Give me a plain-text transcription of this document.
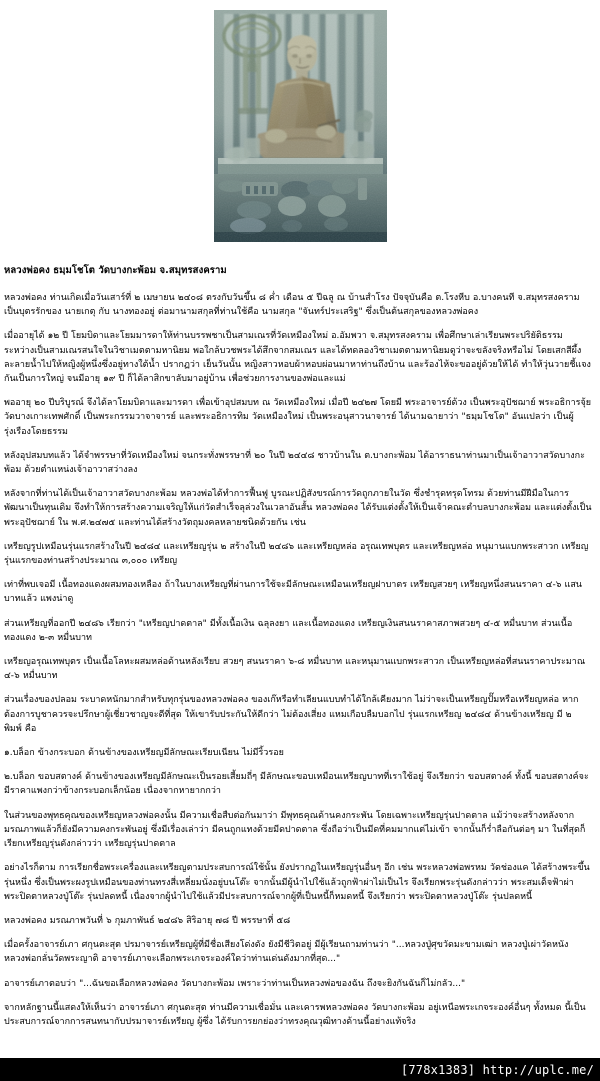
หลวงพ่อคง ธมฺมโชโต วัดบางกะพ้อม จ.สมุทรสงคราม

หลวงพ่อคง ท่านเกิดเมื่อวันเสาร์ที่ ๒ เมษายน ๒๔๐๘ ตรงกับวันขึ้น ๘ ค่ำ เดือน ๕ ปีฉลู ณ บ้านสำโรง ปัจจุบันคือ ต.โรงหีบ อ.บางคนที จ.สมุทรสงคราม เป็นบุตรรักของ นายเกตุ กับ นางทองอยู่ ต่อมานามสกุลที่ท่านใช้คือ นามสกุล "จันทร์ประเสริฐ" ซึ่งเป็นต้นสกุลของหลวงพ่อคง

เมื่ออายุได้ ๑๒ ปี โยมบิดาและโยมมารดาให้ท่านบรรพชาเป็นสามเณรที่วัดเหมืองใหม่ อ.อัมพวา จ.สมุทรสงคราม เพื่อศึกษาเล่าเรียนพระปริยัติธรรม ระหว่างเป็นสามเณรสนใจในวิชาเมตตามหานิยม พอใกล้บวชพระได้สึกจากสมเณร และได้ทดลองวิชาเมตตามหานิยมดูว่าจะขลังจริงหรือไม่ โดยเสกสีผึ้งละลายน้ำไปให้หญิงผู้หนึ่งซึ่งอยู่ทางใต้น้ำ ปรากฏว่า เย็นวันนั้น หญิงสาวหอบผ้าหอบผ่อนมาหาท่านถึงบ้าน และร้องไห้จะขออยู่ด้วยให้ได้ ทำให้วุ่นวายชี้แจงกันเป็นการใหญ่ จนมีอายุ ๑๙ ปี ก็ได้ลาสิกขาลับมาอยู่บ้าน เพื่อช่วยการงานของพ่อและแม่

พออายุ ๒๐ ปีบริบูรณ์ จึงได้ลาโยมบิดาและมารดา เพื่อเข้าอุปสมบท ณ วัดเหมืองใหม่ เมื่อปี ๒๔๒๗ โดยมี พระอาจารย์ด้วง เป็นพระอุปัชฌาย์ พระอธิการจุ้ย วัดบางเกาะเทพศักดิ์ เป็นพระกรรมวาจาจารย์ และพระอธิการทิม วัดเหมืองใหม่ เป็นพระอนุสาวนาจารย์ ได้นามฉายาว่า "ธมฺมโชโต" อันแปลว่า เป็นผู้รุ่งเรืองโดยธรรม

หลังอุปสมบทแล้ว ได้จำพรรษาที่วัดเหมืองใหม่ จนกระทั่งพรรษาที่ ๒๐ ในปี ๒๔๔๘ ชาวบ้านใน ต.บางกะพ้อม ได้อาราธนาท่านมาเป็นเจ้าอาวาสวัดบางกะพ้อม ด้วยตำแหน่งเจ้าอาวาสว่างลง

หลังจากที่ท่านได้เป็นเจ้าอาวาสวัดบางกะพ้อม หลวงพ่อได้ทำการฟื้นฟู บูรณะปฏิสังขรณ์การวัดถูกภายในวัด ซึ่งชำรุดทรุดโทรม ด้วยท่านมีฝีมือในการพัฒนาเป็นทุนเดิม จึงทำให้การสร้างความเจริญให้แก่วัดสำเร็จลุล่วงในเวลาอันสั้น หลวงพ่อคง ได้รับแต่งตั้งให้เป็นเจ้าคณะตำบลบางกะพ้อม และแต่งตั้งเป็น พระอุปัชฌาย์ ใน พ.ศ.๒๔๗๕ และท่านได้สร้างวัตถุมงคลหลายชนิดด้วยกัน เช่น

เหรียญรูปเหมือนรุ่นแรกสร้างในปี ๒๔๘๔ และเหรียญรุ่น ๒ สร้างในปี ๒๔๘๖ และเหรียญหล่อ อรุณเทพบุตร และเหรียญหล่อ หนุมานแบกพระสาวก เหรียญรุ่นแรกของท่านสร้างประมาณ ๓,๐๐๐ เหรียญ

เท่าที่พบเจอมี เนื้อทองแดงผสมทองเหลือง ถ้าในบางเหรียญที่ผ่านการใช้จะมีลักษณะเหมือนเหรียญฝาบาตร เหรียญสวยๆ เหรียญหนึ่งสนนราคา ๔-๖ แสนบาทแล้ว แพงน่าดู

ส่วนเหรียญที่ออกปี ๒๔๘๖ เรียกว่า "เหรียญปาดตาล" มีทั้งเนื้อเงิน ฉลุลงยา และเนื้อทองแดง เหรียญเงินสนนราคาสภาพสวยๆ ๔-๕ หมื่นบาท ส่วนเนื้อทองแดง ๒-๓ หมื่นบาท

เหรียญอรุณเทพบุตร เป็นเนื้อโลหะผสมหล่อด้านหลังเรียบ สวยๆ สนนราคา ๖-๘ หมื่นบาท และหนุมานแบกพระสาวก เป็นเหรียญหล่อที่สนนราคาประมาณ ๔-๖ หมื่นบาท

ส่วนเรื่องของปลอม ระบาดหนักมากสำหรับทุกรุ่นของหลวงพ่อคง ของเก๊หรือทำเลียนแบบทำได้ใกล้เคียงมาก ไม่ว่าจะเป็นเหรียญปั๊มหรือเหรียญหล่อ หากต้องการบูชาควรจะปรึกษาผู้เชี่ยวชาญจะดีที่สุด ให้เขารับประกันให้ดีกว่า ไม่ต้องเสี่ยง แหมเกือบลืมบอกไป รุ่นแรกเหรียญ ๒๔๘๔ ด้านข้างเหรียญ มี ๒ พิมพ์ คือ

๑.บล็อก ข้างกระบอก ด้านข้างของเหรียญมีลักษณะเรียบเนียน ไม่มีริ้วรอย

๒.บล็อก ขอบสตางค์ ด้านข้างของเหรียญมีลักษณะเป็นรอยเสี้ยมถี่ๆ มีลักษณะขอบเหมือนเหรียญบาทที่เราใช้อยู่ จึงเรียกว่า ขอบสตางค์ ทั้งนี้ ขอบสตางค์จะมีราคาแพงกว่าข้างกระบอกเล็กน้อย เนื่องจากหายากกว่า

ในส่วนของพุทธคุณของเหรียญหลวงพ่อคงนั้น มีความเชื่อสืบต่อกันมาว่า มีพุทธคุณด้านคงกระพัน โดยเฉพาะเหรียญรุ่นปาดตาล แม้ว่าจะสร้างหลังจากมรณภาพแล้วก็ยังมีความคงกระพันอยู่ ซึ่งมีเรื่องเล่าว่า มีคนถูกแทงด้วยมีดปาดตาล ซึ่งถือว่าเป็นมีดที่คมมากแต่ไม่เข้า จากนั้นก็ร่ำลือกันต่อๆ มา ในที่สุดก็เรียกเหรียญรุ่นดังกล่าวว่า เหรียญรุ่นปาดตาล

อย่างไรก็ตาม การเรียกชื่อพระเครื่องและเหรียญตามประสบการณ์ใช้นั้น ยังปรากฏในเหรียญรุ่นอื่นๆ อีก เช่น พระหลวงพ่อพรหม วัดช่องแค ได้สร้างพระขึ้นรุ่นหนึ่ง ซึ่งเป็นพระผงรูปเหมือนของท่านทรงสี่เหลี่ยมนั่งอยู่บนโต๊ะ จากนั้นมีผู้นำไปใช้แล้วถูกฟ้าผ่าไม่เป็นไร จึงเรียกพระรุ่นดังกล่าวว่า พระสมเด็จฟ้าผ่า พระปิดตาหลวงปู่โต๊ะ รุ่นปลดหนี้ เนื่องจากผู้นำไปใช้แล้วมีประสบการณ์จากผู้ที่เป็นหนี้ก็หมดหนี้ จึงเรียกว่า พระปิดตาหลวงปู่โต๊ะ รุ่นปลดหนี้

หลวงพ่อคง มรณภาพวันที่ ๖ กุมภาพันธ์ ๒๔๘๖ สิริอายุ ๗๘ ปี พรรษาที่ ๕๘

เมื่อครั้งอาจารย์เภา ศกุนตะสุต ปรมาจารย์เหรียญผู้ที่มีชื่อเสียงโด่งดัง ยังมีชีวิตอยู่ มีผู้เรียนถามท่านว่า "...หลวงปู่ศุขวัดมะขามเฒ่า หลวงปู่เผ่าวัดหนัง หลวงพ่อกลั่นวัดพระญาติ อาจารย์เภาจะเลือกพระเกจระองค์ใดว่าท่านเด่นดังมากที่สุด..."

อาจารย์เภาตอบว่า "...ฉันขอเลือกหลวงพ่อคง วัดบางกะพ้อม เพราะว่าท่านเป็นหลวงพ่อของฉัน ถึงจะยิงกันฉันก็ไม่กลัว..."

จากหลักฐานนี้แสดงให้เห็นว่า อาจารย์เภา ศกุนตะสุต ท่านมีความเชื่อมั่น และเคารพหลวงพ่อคง วัดบางกะพ้อม อยู่เหนือพระเกจระองค์อื่นๆ ทั้งหมด นี้เป็นประสบการณ์จากการสนทนากับปรมาจารย์เหรียญ ผู้ซึ่ง ได้รับการยกย่องว่าทรงคุณวุฒิทางด้านนี้อย่างแท้จริง

[778x1383] http://uplc.me/
